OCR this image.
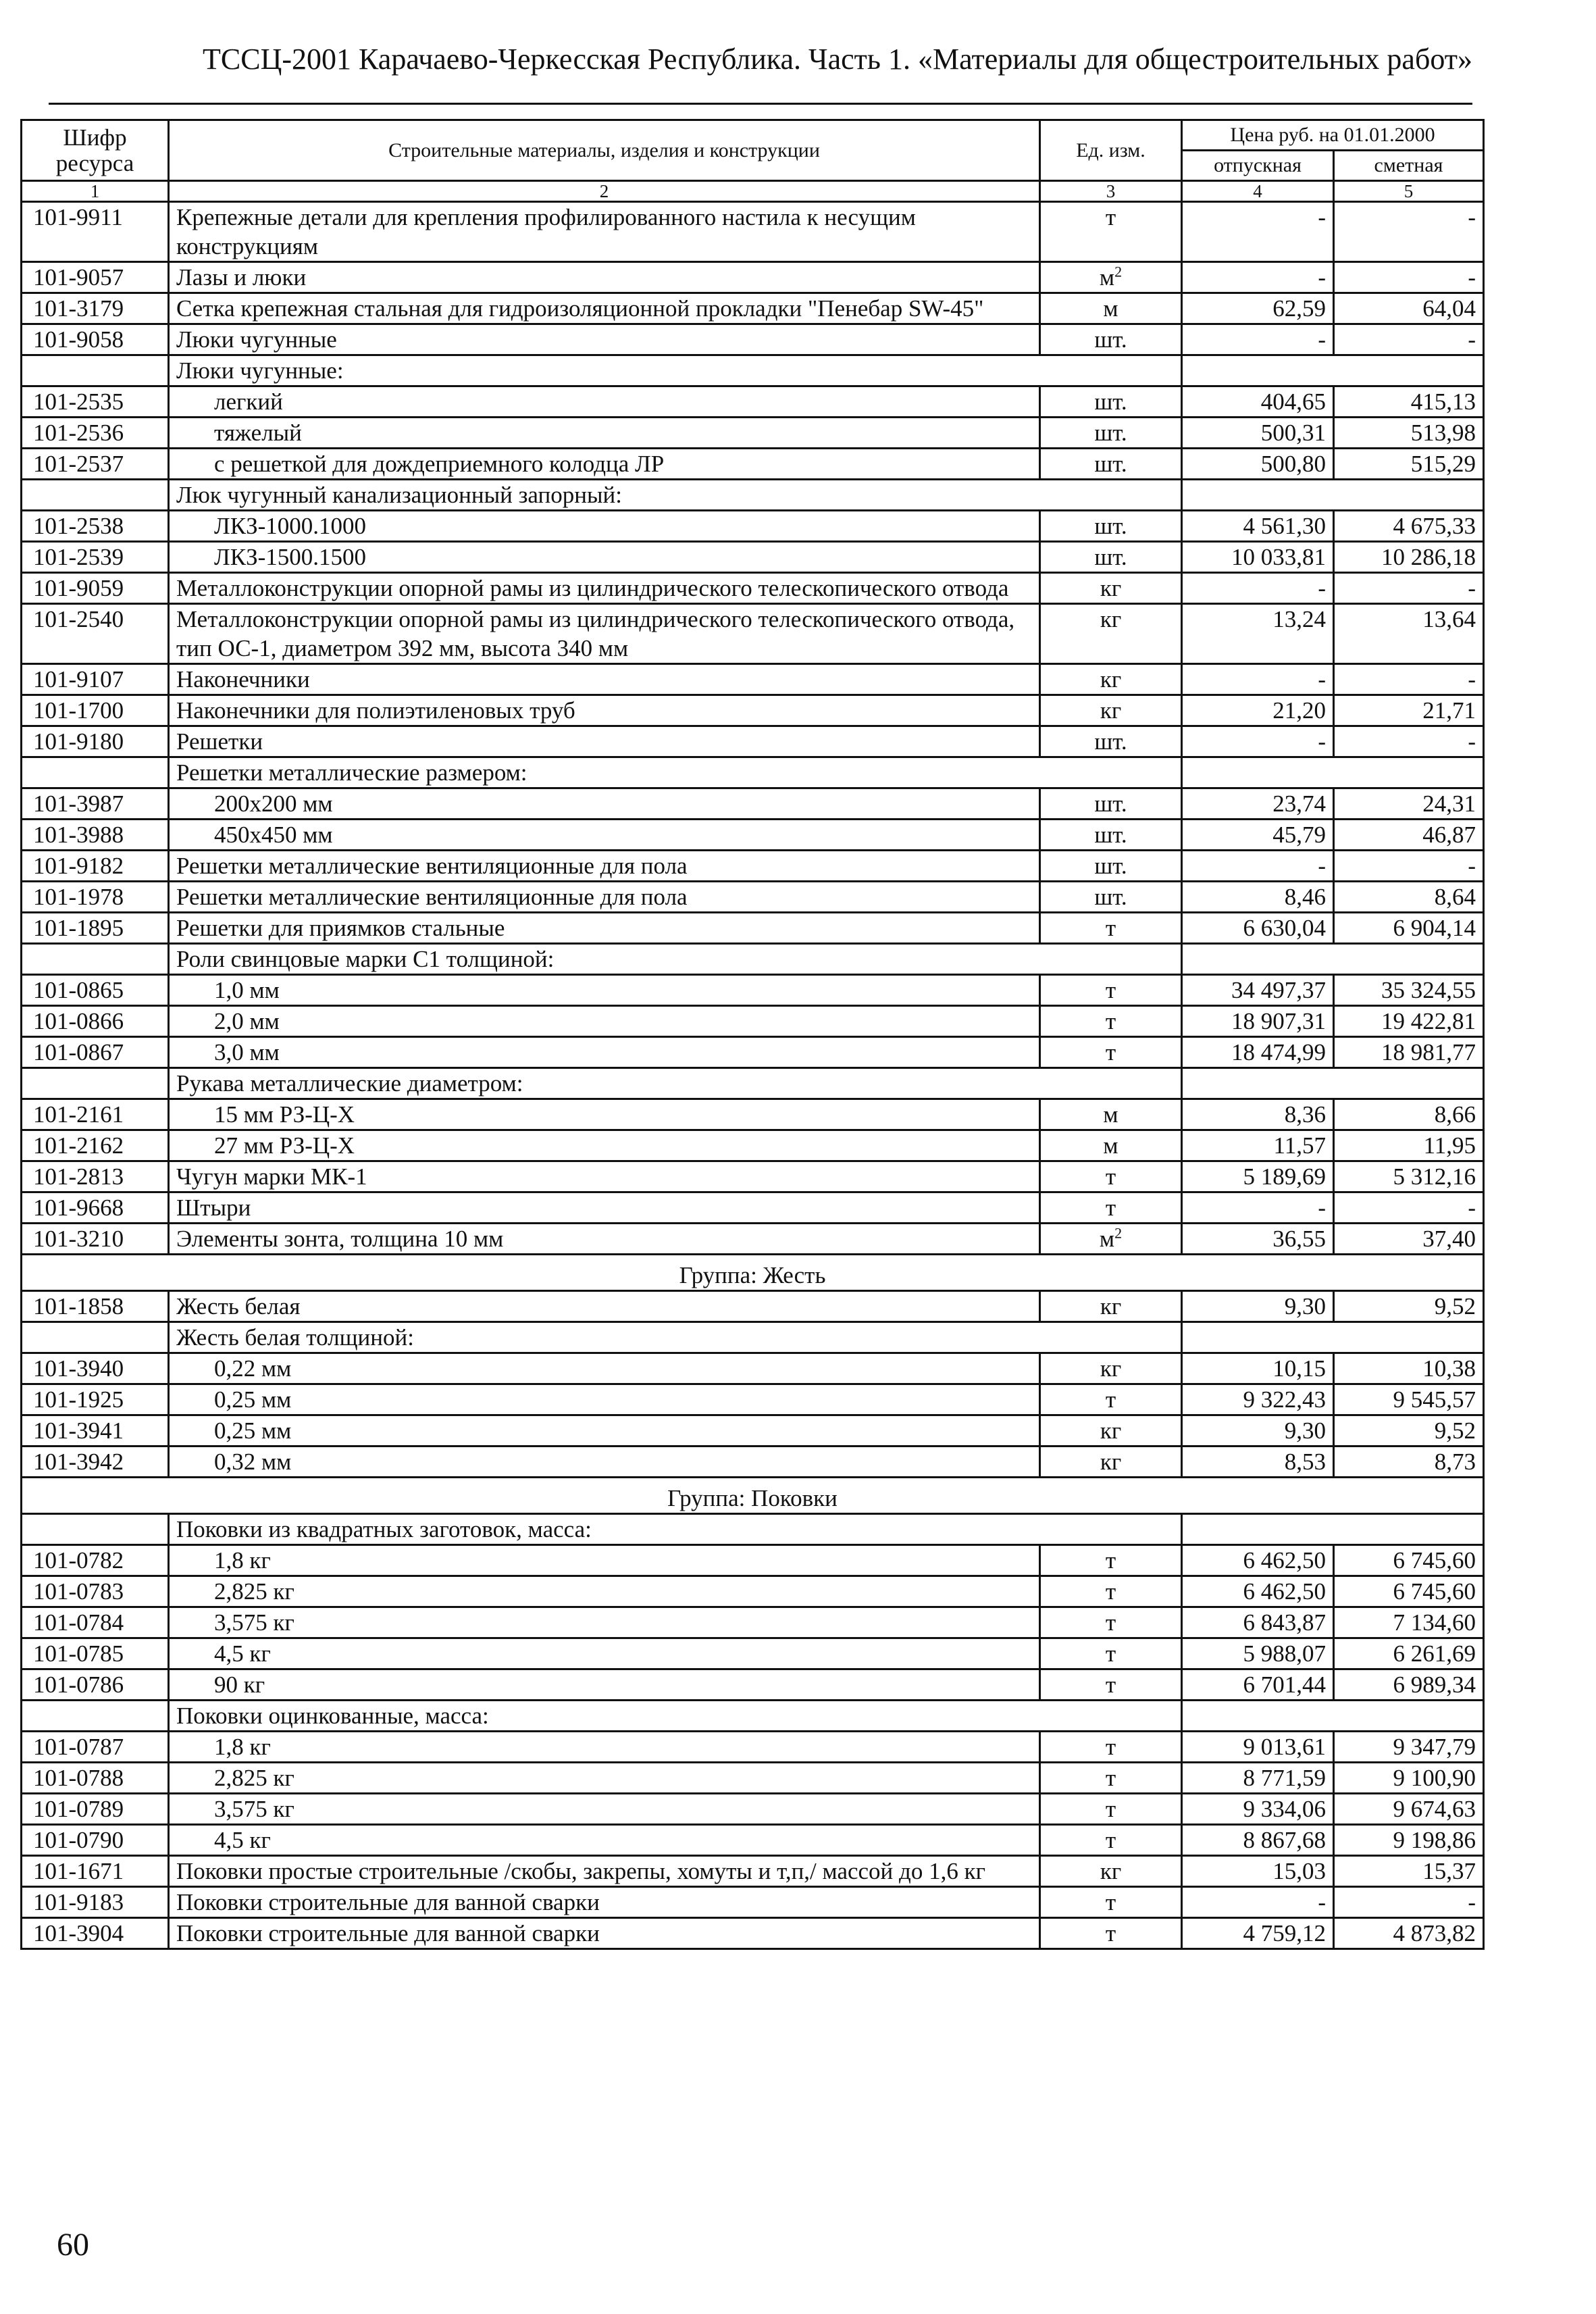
ТССЦ-2001 Карачаево-Черкесская Республика. Часть 1. «Материалы для общестроительных работ»
Шифр ресурса	Строительные материалы, изделия и конструкции	Ед. изм.	Цена руб. на 01.01.2000	
			отпускная	сметная
1	2	3	4	5
101-9911	Крепежные детали для крепления профилированного настила к несущим конструкциям	т	-	-
101-9057	Лазы и люки	$м^2$	-	-
101-3179	Сетка крепежная стальная для гидроизоляционной прокладки "Пенебар SW-45"	м	62,59	64,04
101-9058	Люки чугунные	шт.	-	-
	Люки чугунные:			
101-2535	легкий	шт.	404,65	415,13
101-2536	тяжелый	шт.	500,31	513,98
101-2537	с решеткой для дождеприемного колодца ЛР	шт.	500,80	515,29
	Люк чугунный канализационный запорный:			
101-2538	ЛКЗ-1000.1000	шт.	4 561,30	4 675,33
101-2539	ЛКЗ-1500.1500	шт.	10 033,81	10 286,18
101-9059	Металлоконструкции опорной рамы из цилиндрического телескопического отвода	кг	-	-
101-2540	Металлоконструкции опорной рамы из цилиндрического телескопического отвода, тип ОС-1, диаметром 392 мм, высота 340 мм	кг	13,24	13,64
101-9107	Наконечники	кг	-	-
101-1700	Наконечники для полиэтиленовых труб	кг	21,20	21,71
101-9180	Решетки	шт.	-	-
	Решетки металлические размером:			
101-3987	200x200 мм	шт.	23,74	24,31
101-3988	450x450 мм	шт.	45,79	46,87
101-9182	Решетки металлические вентиляционные для пола	шт.	-	-
101-1978	Решетки металлические вентиляционные для пола	шт.	8,46	8,64
101-1895	Решетки для приямков стальные	т	6 630,04	6 904,14
	Роли свинцовые марки С1 толщиной:			
101-0865	1,0 мм	т	34 497,37	35 324,55
101-0866	2,0 мм	т	18 907,31	19 422,81
101-0867	3,0 мм	т	18 474,99	18 981,77
	Рукава металлические диаметром:			
101-2161	15 мм РЗ-Ц-Х	м	8,36	8,66
101-2162	27 мм РЗ-Ц-Х	м	11,57	11,95
101-2813	Чугун марки МК-1	т	5 189,69	5 312,16
101-9668	Штыри	т	-	-
101-3210	Элементы зонта, толщина 10 мм	$м^2$	36,55	37,40
Группа: Жесть				
101-1858	Жесть белая	кг	9,30	9,52
	Жесть белая толщиной:			
101-3940	0,22 мм	кг	10,15	10,38
101-1925	0,25 мм	т	9 322,43	9 545,57
101-3941	0,25 мм	кг	9,30	9,52
101-3942	0,32 мм	кг	8,53	8,73
Группа: Поковки				
	Поковки из квадратных заготовок, масса:			
101-0782	1,8 кг	т	6 462,50	6 745,60
101-0783	2,825 кг	т	6 462,50	6 745,60
101-0784	3,575 кг	т	6 843,87	7 134,60
101-0785	4,5 кг	т	5 988,07	6 261,69
101-0786	90 кг	т	6 701,44	6 989,34
	Поковки оцинкованные, масса:			
101-0787	1,8 кг	т	9 013,61	9 347,79
101-0788	2,825 кг	т	8 771,59	9 100,90
101-0789	3,575 кг	т	9 334,06	9 674,63
101-0790	4,5 кг	т	8 867,68	9 198,86
101-1671	Поковки простые строительные /скобы, закрепы, хомуты и т,п,/ массой до 1,6 кг	кг	15,03	15,37
101-9183	Поковки строительные для ванной сварки	т	-	-
101-3904	Поковки строительные для ванной сварки	т	4 759,12	4 873,82
60
